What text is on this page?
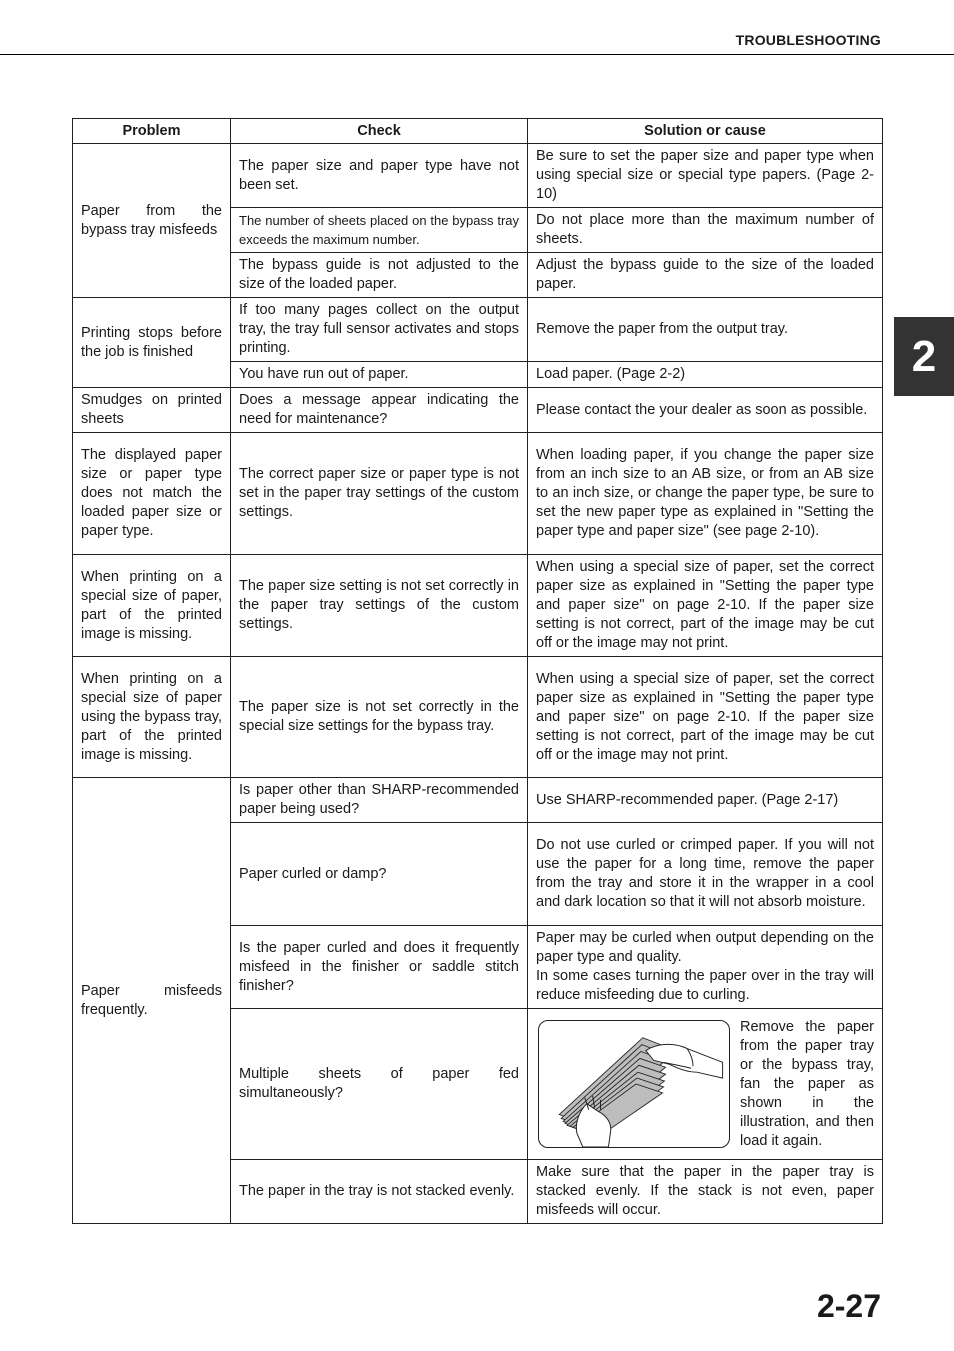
TROUBLESHOOTING
2
Problem	Check	Solution or cause
Paper from the bypass tray misfeeds	The paper size and paper type have not been set.	Be sure to set the paper size and paper type when using special size or special type papers. (Page 2-10)
	The number of sheets placed on the bypass tray exceeds the maximum number.	Do not place more than the maximum number of sheets.
	The bypass guide is not adjusted to the size of the loaded paper.	Adjust the bypass guide to the size of the loaded paper.
Printing stops before the job is finished	If too many pages collect on the output tray, the tray full sensor activates and stops printing.	Remove the paper from the output tray.
	You have run out of paper.	Load paper. (Page 2-2)
Smudges on printed sheets	Does a message appear indicating the need for maintenance?	Please contact the your dealer as soon as possible.
The displayed paper size or paper type does not match the loaded paper size or paper type.	The correct paper size or paper type is not set in the paper tray settings of the custom settings.	When loading paper, if you change the paper size from an inch size to an AB size, or from an AB size to an inch size, or change the paper type, be sure to set the new paper type as explained in "Setting the paper type and paper size" (see page 2-10).
When printing on a special size of paper, part of the printed image is missing.	The paper size setting is not set correctly in the paper tray settings of the custom settings.	When using a special size of paper, set the correct paper size as explained in "Setting the paper type and paper size" on page 2-10. If the paper size setting is not correct, part of the image may be cut off or the image may not print.
When printing on a special size of paper using the bypass tray, part of the printed image is missing.	The paper size is not set correctly in the special size settings for the bypass tray.	When using a special size of paper, set the correct paper size as explained in "Setting the paper type and paper size" on page 2-10. If the paper size setting is not correct, part of the image may be cut off or the image may not print.
Paper misfeeds frequently.	Is paper other than SHARP-recommended paper being used?	Use SHARP-recommended paper. (Page 2-17)
	Paper curled or damp?	Do not use curled or crimped paper. If you will not use the paper for a long time, remove the paper from the tray and store it in the wrapper in a cool and dark location so that it will not absorb moisture.
	Is the paper curled and does it frequently misfeed in the finisher or saddle stitch finisher?	Paper may be curled when output depending on the paper type and quality.
In some cases turning the paper over in the tray will reduce misfeeding due to curling.

	Multiple sheets of paper fed simultaneously?	Remove the paper from the paper tray or the bypass tray, fan the paper as shown in the illustration, and then load it again.

	The paper in the tray is not stacked evenly.	Make sure that the paper in the paper tray is stacked evenly. If the stack is not even, paper misfeeds will occur.
2-27
